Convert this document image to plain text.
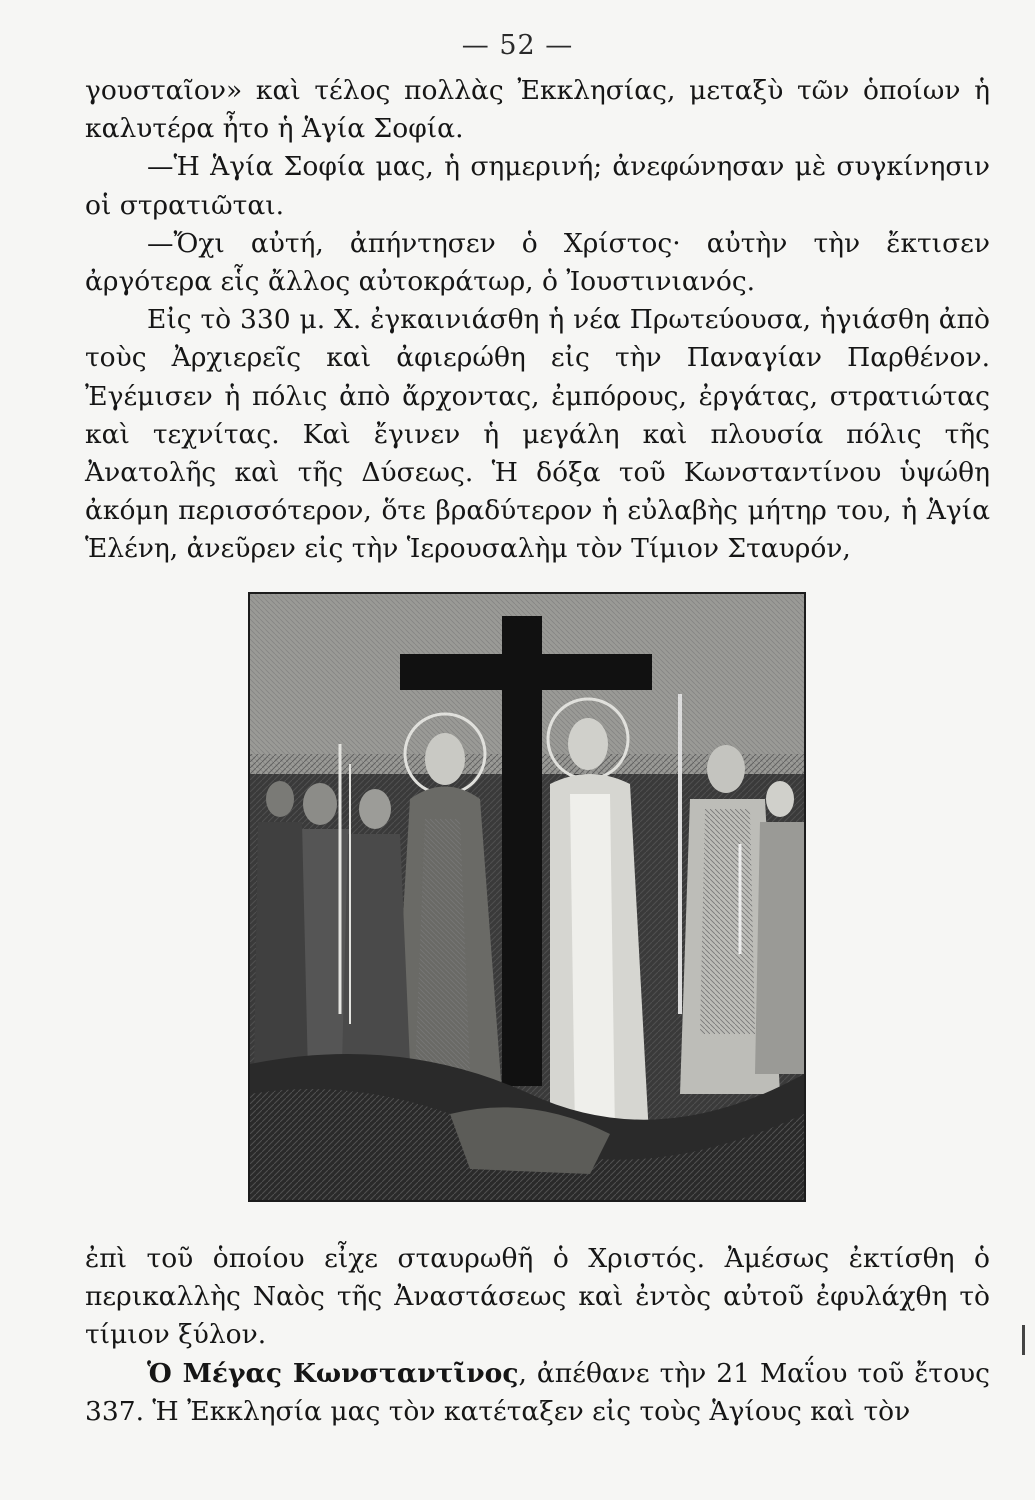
— 52 —

γουσταῖον» καὶ τέλος πολλὰς Ἐκκλησίας, μεταξὺ τῶν ὁποίων ἡ καλυτέρα ἦτο ἡ Ἁγία Σοφία.

—Ἡ Ἁγία Σοφία μας, ἡ σημερινή; ἀνεφώνησαν μὲ συγκίνησιν οἱ στρατιῶται.

—Ὄχι αὐτή, ἀπήντησεν ὁ Χρίστος· αὐτὴν τὴν ἔκτισεν ἀργότερα εἷς ἄλλος αὐτοκράτωρ, ὁ Ἰουστινιανός.

Εἰς τὸ 330 μ. Χ. ἐγκαινιάσθη ἡ νέα Πρωτεύουσα, ἡγιάσθη ἀπὸ τοὺς Ἀρχιερεῖς καὶ ἀφιερώθη εἰς τὴν Παναγίαν Παρθένον. Ἐγέμισεν ἡ πόλις ἀπὸ ἄρχοντας, ἐμπόρους, ἐργάτας, στρατιώτας καὶ τεχνίτας. Καὶ ἔγινεν ἡ μεγάλη καὶ πλουσία πόλις τῆς Ἀνατολῆς καὶ τῆς Δύσεως. Ἡ δόξα τοῦ Κωνσταντίνου ὑψώθη ἀκόμη περισσότερον, ὅτε βραδύτερον ἡ εὐλαβὴς μήτηρ του, ἡ Ἁγία Ἑλένη, ἀνεῦρεν εἰς τὴν Ἱερουσαλὴμ τὸν Τίμιον Σταυρόν,

ἐπὶ τοῦ ὁποίου εἶχε σταυρωθῆ ὁ Χριστός. Ἀμέσως ἐκτίσθη ὁ περικαλλὴς Ναὸς τῆς Ἀναστάσεως καὶ ἐντὸς αὐτοῦ ἐφυλάχθη τὸ τίμιον ξύλον.

Ὁ Μέγας Κωνσταντῖνος, ἀπέθανε τὴν 21 Μαΐου τοῦ ἔτους 337. Ἡ Ἐκκλησία μας τὸν κατέταξεν εἰς τοὺς Ἁγίους καὶ τὸν
